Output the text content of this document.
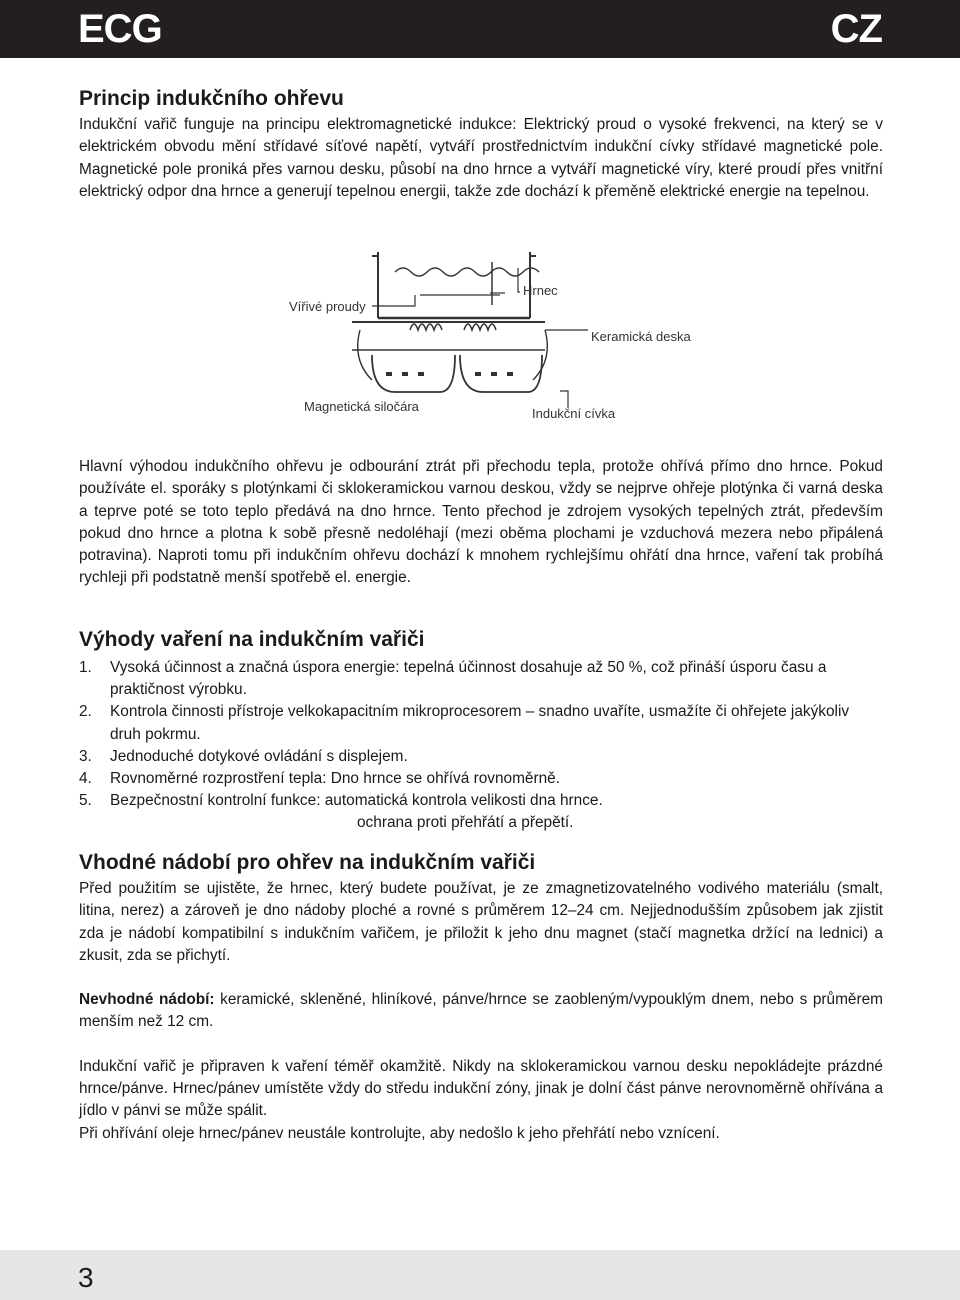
ECG	CZ
Princip indukčního ohřevu

Indukční vařič funguje na principu elektromagnetické indukce: Elektrický proud o vysoké frekvenci, na který se v elektrickém obvodu mění střídavé síťové napětí, vytváří prostřednictvím indukční cívky střídavé magnetické pole. Magnetické pole proniká přes varnou desku, působí na dno hrnce a vytváří magnetické víry, které proudí přes vnitřní elektrický odpor dna hrnce a generují tepelnou energii, takže zde dochází k přeměně elektrické energie na tepelnou.

Vířivé proudy
Hrnec
Keramická deska
Magnetická siločára	Indukční cívka

Hlavní výhodou indukčního ohřevu je odbourání ztrát při přechodu tepla, protože ohřívá přímo dno hrnce. Pokud používáte el. sporáky s plotýnkami či sklokeramickou varnou deskou, vždy se nejprve ohřeje plotýnka či varná deska a teprve poté se toto teplo předává na dno hrnce. Tento přechod je zdrojem vysokých tepelných ztrát, především pokud dno hrnce a plotna k sobě přesně nedoléhají (mezi oběma plochami je vzduchová mezera nebo připálená potravina). Naproti tomu při indukčním ohřevu dochází k mnohem rychlejšímu ohřátí dna hrnce, vaření tak probíhá rychleji při podstatně menší spotřebě el. energie.

Výhody vaření na indukčním vařiči
1. Vysoká účinnost a značná úspora energie: tepelná účinnost dosahuje až 50 %, což přináší úsporu času a praktičnost výrobku.
2. Kontrola činnosti přístroje velkokapacitním mikroprocesorem – snadno uvaříte, usmažíte či ohřejete jakýkoliv druh pokrmu.
3. Jednoduché dotykové ovládání s displejem.
4. Rovnoměrné rozprostření tepla: Dno hrnce se ohřívá rovnoměrně.
5. Bezpečnostní kontrolní funkce: automatická kontrola velikosti dna hrnce.
ochrana proti přehřátí a přepětí.
Vhodné nádobí pro ohřev na indukčním vařiči

Před použitím se ujistěte, že hrnec, který budete používat, je ze zmagnetizovatelného vodivého materiálu (smalt, litina, nerez) a zároveň je dno nádoby ploché a rovné s průměrem 12–24 cm. Nejjednodušším způsobem jak zjistit zda je nádobí kompatibilní s indukčním vařičem, je přiložit k jeho dnu magnet (stačí magnetka držící na lednici) a zkusit, zda se přichytí.

Nevhodné nádobí: keramické, skleněné, hliníkové, pánve/hrnce se zaobleným/vypouklým dnem, nebo s průměrem menším než 12 cm.

Indukční vařič je připraven k vaření téměř okamžitě. Nikdy na sklokeramickou varnou desku nepokládejte prázdné hrnce/pánve. Hrnec/pánev umístěte vždy do středu indukční zóny, jinak je dolní část pánve nerovnoměrně ohřívána a jídlo v pánvi se může spálit.

Při ohřívání oleje hrnec/pánev neustále kontrolujte, aby nedošlo k jeho přehřátí nebo vznícení.

3
